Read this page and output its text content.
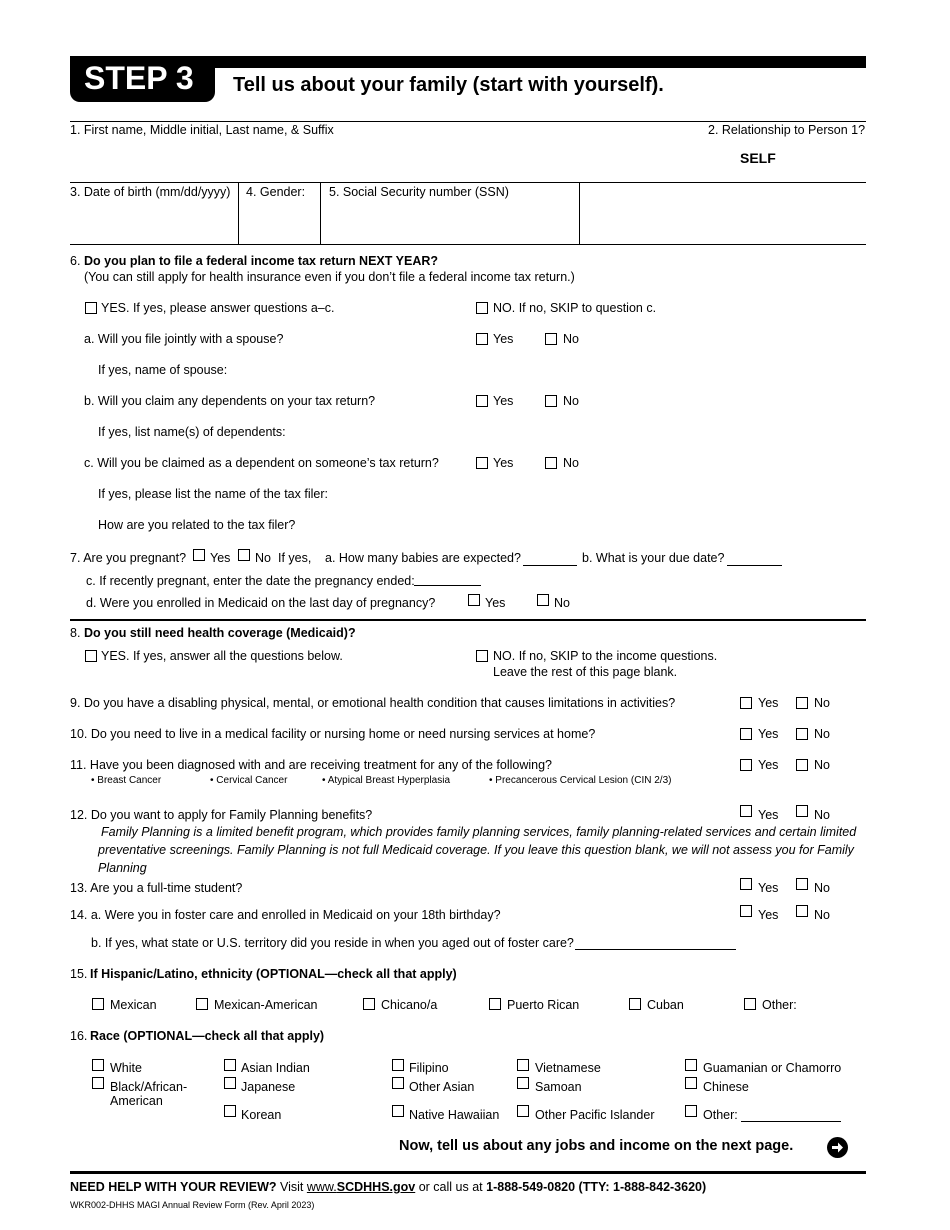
STEP 3 Tell us about your family (start with yourself).
1. First name, Middle initial, Last name, & Suffix	2. Relationship to Person 1?
SELF
3. Date of birth (mm/dd/yyyy) 4. Gender: 5. Social Security number (SSN)
6. Do you plan to file a federal income tax return NEXT YEAR?
(You can still apply for health insurance even if you don’t file a federal income tax return.)
YES. If yes, please answer questions a–c.	NO. If no, SKIP to question c.
a. Will you file jointly with a spouse?	Yes	No
If yes, name of spouse:
b. Will you claim any dependents on your tax return?	Yes	No
If yes, list name(s) of dependents:
c. Will you be claimed as a dependent on someone’s tax return?	Yes	No
If yes, please list the name of the tax filer:
How are you related to the tax filer?
7. Are you pregnant? Yes No If yes, a. How many babies are expected?	b. What is your due date?
c. If recently pregnant, enter the date the pregnancy ended:
d. Were you enrolled in Medicaid on the last day of pregnancy?	Yes	No
8. Do you still need health coverage (Medicaid)?
YES. If yes, answer all the questions below.	NO. If no, SKIP to the income questions.
Leave the rest of this page blank.
9. Do you have a disabling physical, mental, or emotional health condition that causes limitations in activities?	Yes	No
10. Do you need to live in a medical facility or nursing home or need nursing services at home?	Yes	No
11. Have you been diagnosed with and are receiving treatment for any of the following?	Yes	No
• Breast Cancer	• Cervical Cancer	• Atypical Breast Hyperplasia	• Precancerous Cervical Lesion (CIN 2/3)
12. Do you want to apply for Family Planning benefits?	Yes	No
Family Planning is a limited benefit program, which provides family planning services, family planning-related services and certain limited preventative screenings. Family Planning is not full Medicaid coverage. If you leave this question blank, we will not assess you for Family Planning
13. Are you a full-time student?	Yes	No
14. a. Were you in foster care and enrolled in Medicaid on your 18th birthday?	Yes	No
b. If yes, what state or U.S. territory did you reside in when you aged out of foster care?
15. If Hispanic/Latino, ethnicity (OPTIONAL—check all that apply)
Mexican	Mexican-American	Chicano/a	Puerto Rican	Cuban	Other:
16. Race (OPTIONAL—check all that apply)
White
Black/African-
American
Asian Indian
Japanese
Korean
Filipino
Other Asian
Native Hawaiian
Vietnamese
Samoan
Other Pacific Islander
Guamanian or Chamorro
Chinese
Other:
Now, tell us about any jobs and income on the next page.
NEED HELP WITH YOUR REVIEW? Visit www.SCDHHS.gov or call us at 1-888-549-0820 (TTY: 1-888-842-3620)
WKR002-DHHS MAGI Annual Review Form (Rev. April 2023)
